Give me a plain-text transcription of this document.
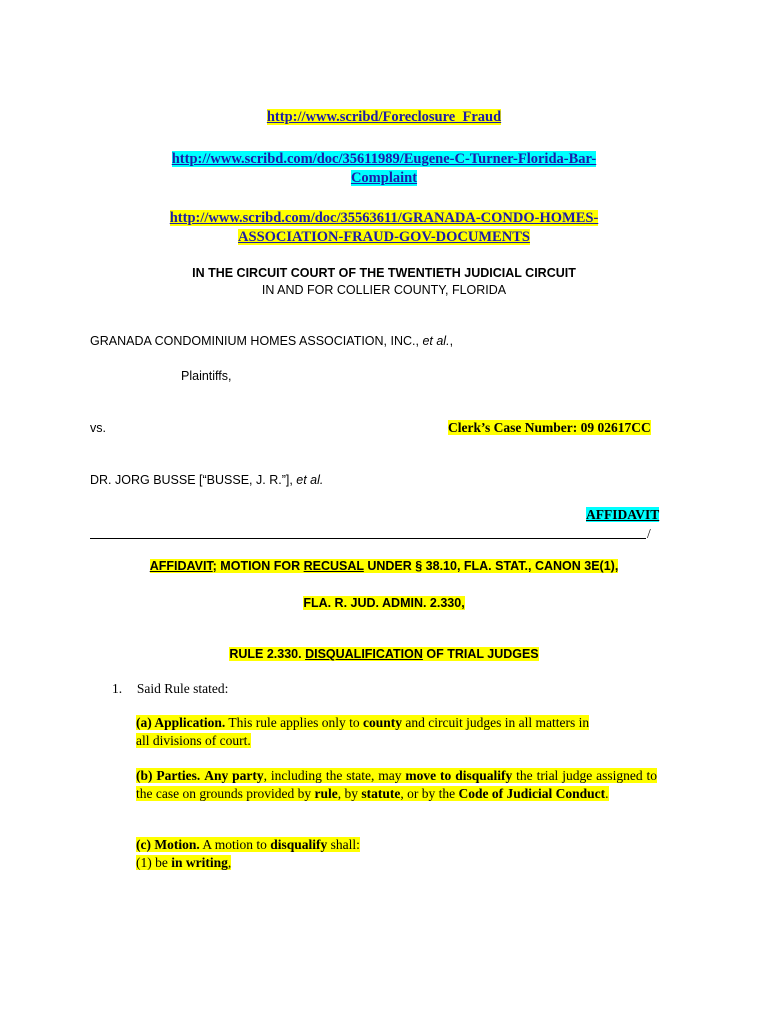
http://www.scribd/Foreclosure_Fraud
http://www.scribd.com/doc/35611989/Eugene-C-Turner-Florida-Bar-
Complaint
http://www.scribd.com/doc/35563611/GRANADA-CONDO-HOMES-
ASSOCIATION-FRAUD-GOV-DOCUMENTS
IN THE CIRCUIT COURT OF THE TWENTIETH JUDICIAL CIRCUIT
IN AND FOR COLLIER COUNTY, FLORIDA
GRANADA CONDOMINIUM HOMES ASSOCIATION, INC., et al.,
Plaintiffs,
vs.	Clerk’s Case Number: 09 02617CC
DR. JORG BUSSE [“BUSSE, J. R.”], et al.
AFFIDAVIT
/
AFFIDAVIT; MOTION FOR RECUSAL UNDER § 38.10, FLA. STAT., CANON 3E(1),
FLA. R. JUD. ADMIN. 2.330,
RULE 2.330. DISQUALIFICATION OF TRIAL JUDGES
1. Said Rule stated:
(a) Application. This rule applies only to county and circuit judges in all matters in
all divisions of court.
(b) Parties. Any party, including the state, may move to disqualify the trial judge assigned to the case on grounds provided by rule, by statute, or by the Code of Judicial Conduct.
(c) Motion. A motion to disqualify shall:
(1) be in writing,
